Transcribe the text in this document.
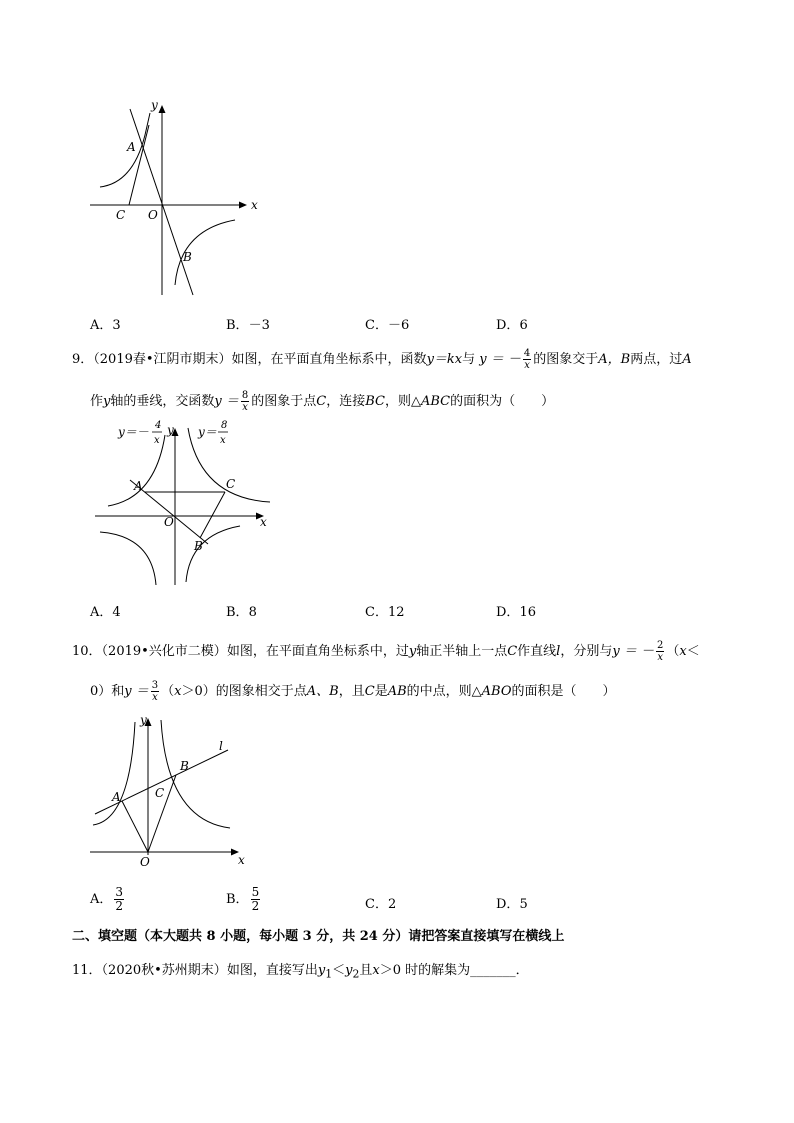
y
x
A
C O
B
A．3	B．－3	C．－6	D．6
9．（2019春•江阴市期末）如图，在平面直角坐标系中，函数y＝kx与 y ＝ － $\frac{4}{x}$ 的图象交于A，B两点，过A
作y轴的垂线，交函数$y = \frac{8}{x}$ 的图象于点C，连接BC，则△ABC的面积为（　　）
y＝－ 4
x
y＝ 8
x
y
x
A	C
O
B
A．4	B．8	C．12	D．16
10．（2019•兴化市二模）如图，在平面直角坐标系中，过y轴正半轴上一点C作直线l，分别与y ＝ － $\frac{2}{x} (x<$
0）和$y = \frac{3}{x} (x>0)$的图象相交于点A、B，且C是AB的中点，则△ABO的面积是（　　）
y
x
l
A
B
C
O
A． $\frac{3}{2}$	B． $\frac{5}{2}$	C．2	D．5
二、填空题（本大题共 8 小题，每小题 3 分，共 24 分）请把答案直接填写在横线上
11．（2020秋•苏州期末）如图，直接写出$y_1<y_2$且x＞0 时的解集为_______．
